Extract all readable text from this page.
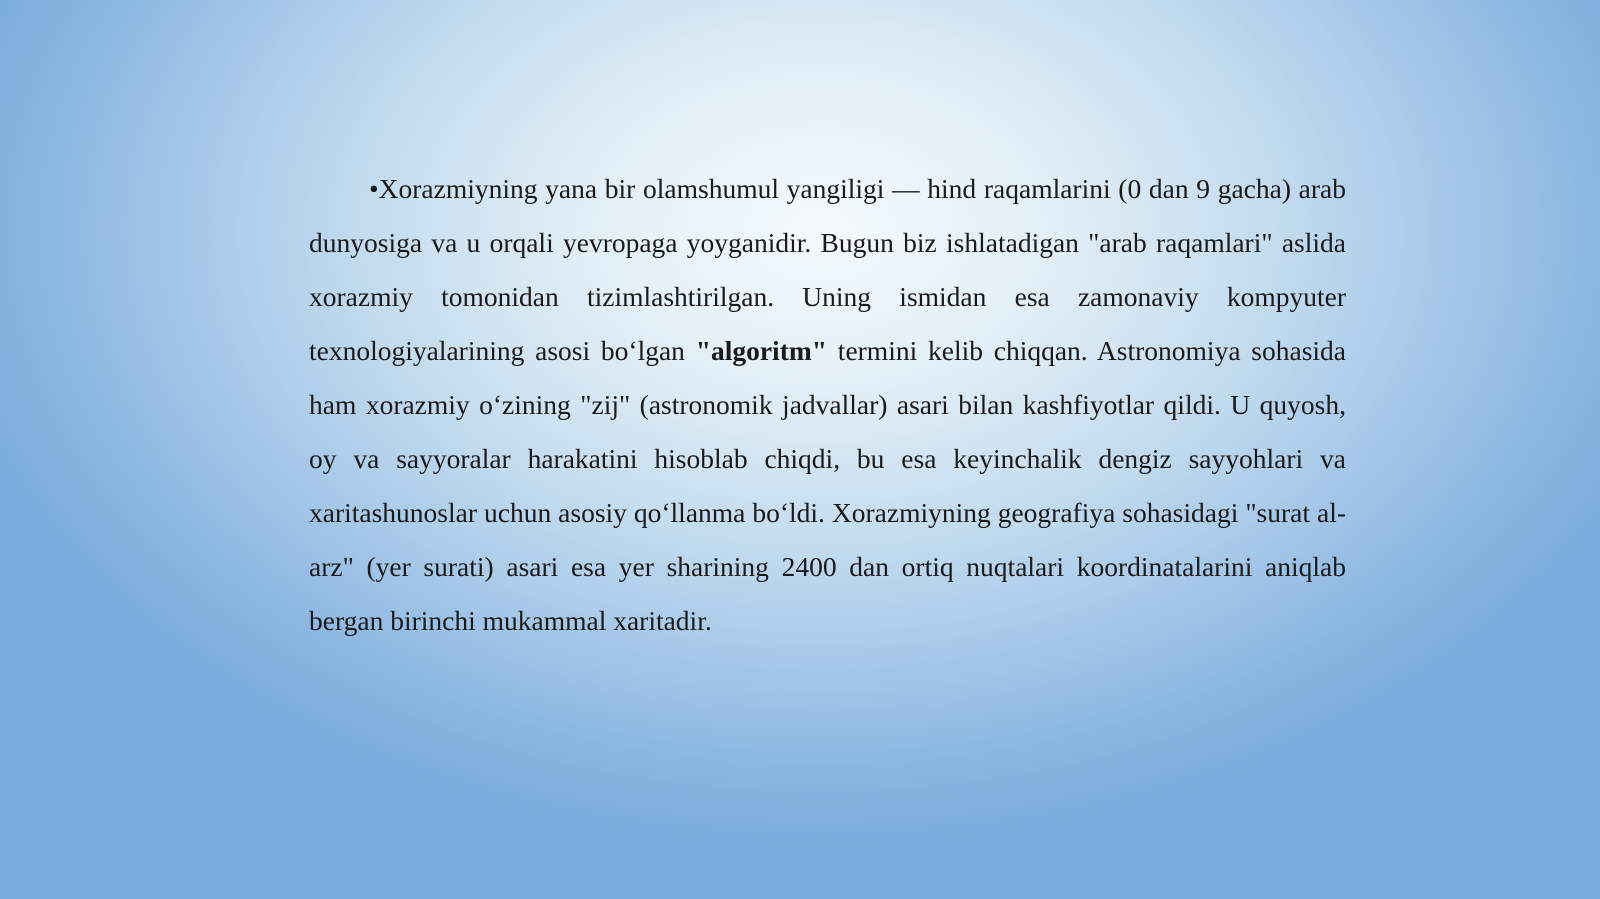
•Xorazmiyning yana bir olamshumul yangiligi — hind raqamlarini (0 dan 9 gacha) arab dunyosiga va u orqali yevropaga yoyganidir. Bugun biz ishlatadigan "arab raqamlari" aslida xorazmiy tomonidan tizimlashtirilgan. Uning ismidan esa zamonaviy kompyuter texnologiyalarining asosi bo‘lgan "algoritm" termini kelib chiqqan. Astronomiya sohasida ham xorazmiy o‘zining "zij" (astronomik jadvallar) asari bilan kashfiyotlar qildi. U quyosh, oy va sayyoralar harakatini hisoblab chiqdi, bu esa keyinchalik dengiz sayyohlari va xaritashunoslar uchun asosiy qo‘llanma bo‘ldi. Xorazmiyning geografiya sohasidagi "surat al-arz" (yer surati) asari esa yer sharining 2400 dan ortiq nuqtalari koordinatalarini aniqlab bergan birinchi mukammal xaritadir.
